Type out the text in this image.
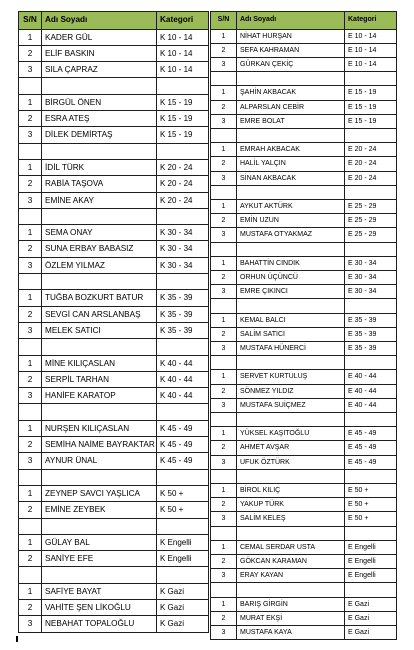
S/N	Adı Soyadı	Kategori
1	KADER GÜL	K 10 - 14
2	ELİF BASKIN	K 10 - 14
3	SILA ÇAPRAZ	K 10 - 14

1	BİRGÜL ÖNEN	K 15 - 19
2	ESRA ATEŞ	K 15 - 19
3	DİLEK DEMİRTAŞ	K 15 - 19

1	İDİL TÜRK	K 20 - 24
2	RABİA TAŞOVA	K 20 - 24
3	EMİNE AKAY	K 20 - 24

1	SEMA ONAY	K 30 - 34
2	SUNA ERBAY BABASIZ	K 30 - 34
3	ÖZLEM YILMAZ	K 30 - 34

1	TUĞBA BOZKURT BATUR	K 35 - 39
2	SEVGİ CAN ARSLANBAŞ	K 35 - 39
3	MELEK SATICI	K 35 - 39

1	MİNE KILIÇASLAN	K 40 - 44
2	SERPİL TARHAN	K 40 - 44
3	HANİFE KARATOP	K 40 - 44

1	NURŞEN KILIÇASLAN	K 45 - 49
2	SEMİHA NAİME BAYRAKTAR	K 45 - 49
3	AYNUR ÜNAL	K 45 - 49

1	ZEYNEP SAVCI YAŞLICA	K 50 +
2	EMİNE ZEYBEK	K 50 +

1	GÜLAY BAL	K Engelli
2	SANİYE EFE	K Engelli

1	SAFİYE BAYAT	K Gazi
2	VAHİTE ŞEN LİKOĞLU	K Gazi
3	NEBAHAT TOPALOĞLU	K Gazi
S/N	Adı Soyadı	Kategori
1	NİHAT HURŞAN	E 10 - 14
2	SEFA KAHRAMAN	E 10 - 14
3	GÜRKAN ÇEKİÇ	E 10 - 14

1	ŞAHİN AKBACAK	E 15 - 19
2	ALPARSLAN CEBİR	E 15 - 19
3	EMRE BOLAT	E 15 - 19

1	EMRAH AKBACAK	E 20 - 24
2	HALİL YALÇIN	E 20 - 24
3	SİNAN AKBACAK	E 20 - 24

1	AYKUT AKTÜRK	E 25 - 29
2	EMİN UZUN	E 25 - 29
3	MUSTAFA OTYAKMAZ	E 25 - 29

1	BAHATTİN CINDIK	E 30 - 34
2	ORHUN ÜÇÜNCÜ	E 30 - 34
3	EMRE ÇIKINCI	E 30 - 34

1	KEMAL BALCI	E 35 - 39
2	SALİM SATICI	E 35 - 39
3	MUSTAFA HÜNERCİ	E 35 - 39

1	SERVET KURTULUŞ	E 40 - 44
2	SÖNMEZ YILDIZ	E 40 - 44
3	MUSTAFA SUİÇMEZ	E 40 - 44

1	YÜKSEL KAŞITOĞLU	E 45 - 49
2	AHMET AVŞAR	E 45 - 49
3	UFUK ÖZTÜRK	E 45 - 49

1	BİROL KILIÇ	E 50 +
2	YAKUP TÜRK	E 50 +
3	SALİM KELEŞ	E 50 +

1	CEMAL SERDAR USTA	E Engelli
2	GÖKCAN KARAMAN	E Engelli
3	ERAY KAYAN	E Engelli

1	BARIŞ GİRGİN	E Gazi
2	MURAT EKŞİ	E Gazi
3	MUSTAFA KAYA	E Gazi
